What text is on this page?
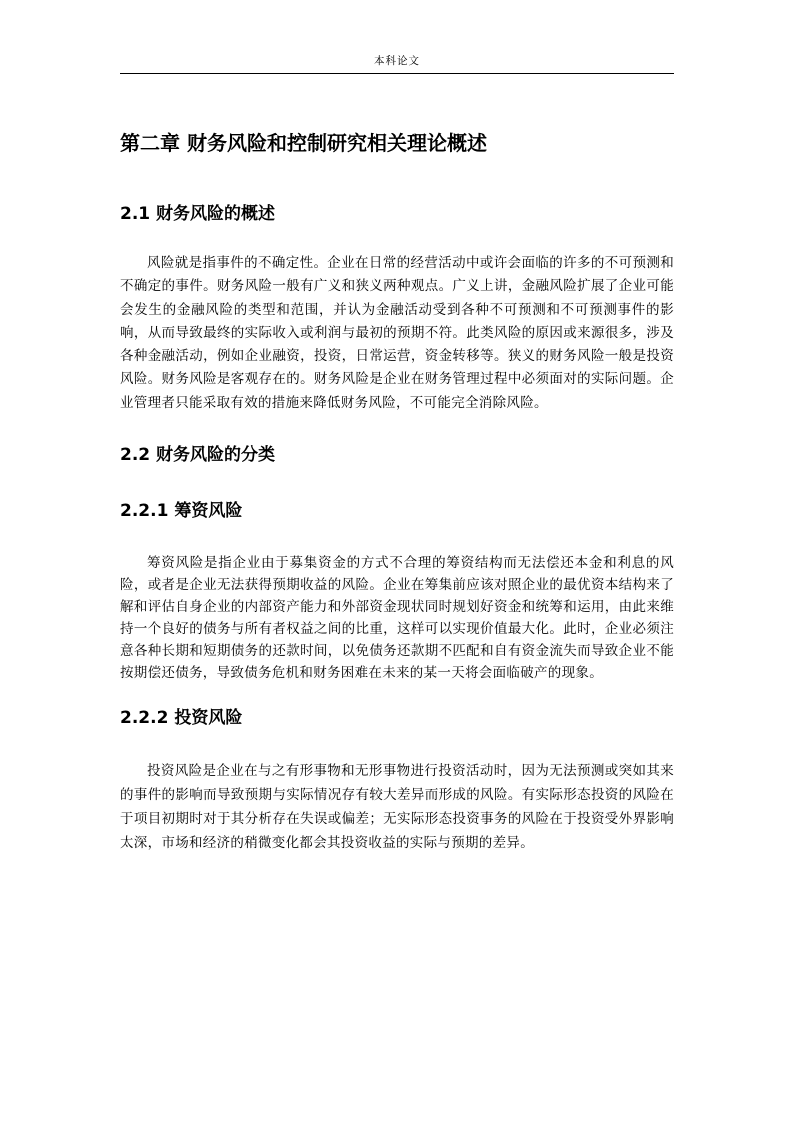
本科论文
第二章 财务风险和控制研究相关理论概述
2.1 财务风险的概述

风险就是指事件的不确定性。企业在日常的经营活动中或许会面临的许多的不可预测和不确定的事件。财务风险一般有广义和狭义两种观点。广义上讲，金融风险扩展了企业可能会发生的金融风险的类型和范围，并认为金融活动受到各种不可预测和不可预测事件的影响，从而导致最终的实际收入或利润与最初的预期不符。此类风险的原因或来源很多，涉及各种金融活动，例如企业融资，投资，日常运营，资金转移等。狭义的财务风险一般是投资风险。财务风险是客观存在的。财务风险是企业在财务管理过程中必须面对的实际问题。企业管理者只能采取有效的措施来降低财务风险，不可能完全消除风险。

2.2 财务风险的分类
2.2.1 筹资风险

筹资风险是指企业由于募集资金的方式不合理的筹资结构而无法偿还本金和利息的风险，或者是企业无法获得预期收益的风险。企业在筹集前应该对照企业的最优资本结构来了解和评估自身企业的内部资产能力和外部资金现状同时规划好资金和统筹和运用，由此来维持一个良好的债务与所有者权益之间的比重，这样可以实现价值最大化。此时，企业必须注意各种长期和短期债务的还款时间，以免债务还款期不匹配和自有资金流失而导致企业不能按期偿还债务，导致债务危机和财务困难在未来的某一天将会面临破产的现象。

2.2.2 投资风险

投资风险是企业在与之有形事物和无形事物进行投资活动时，因为无法预测或突如其来的事件的影响而导致预期与实际情况存有较大差异而形成的风险。有实际形态投资的风险在于项目初期时对于其分析存在失误或偏差；无实际形态投资事务的风险在于投资受外界影响太深，市场和经济的稍微变化都会其投资收益的实际与预期的差异。
